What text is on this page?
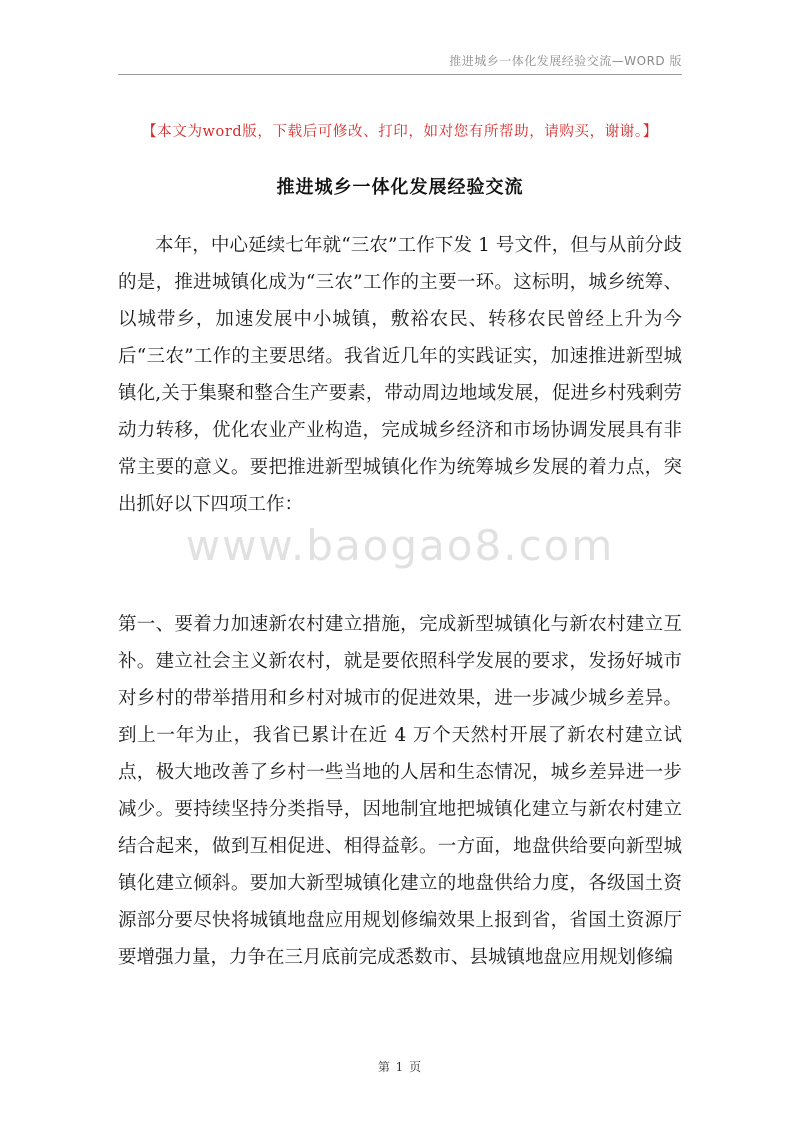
推进城乡一体化发展经验交流—WORD 版
【本文为word版，下载后可修改、打印，如对您有所帮助，请购买，谢谢。】
推进城乡一体化发展经验交流

本年，中心延续七年就“三农”工作下发 1 号文件，但与从前分歧的是，推进城镇化成为“三农”工作的主要一环。这标明，城乡统筹、以城带乡，加速发展中小城镇，敷裕农民、转移农民曾经上升为今后“三农”工作的主要思绪。我省近几年的实践证实，加速推进新型城镇化,关于集聚和整合生产要素，带动周边地域发展，促进乡村残剩劳动力转移，优化农业产业构造，完成城乡经济和市场协调发展具有非常主要的意义。要把推进新型城镇化作为统筹城乡发展的着力点，突出抓好以下四项工作：

www.baogao8.com

第一、要着力加速新农村建立措施，完成新型城镇化与新农村建立互补。建立社会主义新农村，就是要依照科学发展的要求，发扬好城市对乡村的带举措用和乡村对城市的促进效果，进一步减少城乡差异。到上一年为止，我省已累计在近 4 万个天然村开展了新农村建立试点，极大地改善了乡村一些当地的人居和生态情况，城乡差异进一步减少。要持续坚持分类指导，因地制宜地把城镇化建立与新农村建立结合起来，做到互相促进、相得益彰。一方面，地盘供给要向新型城镇化建立倾斜。要加大新型城镇化建立的地盘供给力度，各级国土资源部分要尽快将城镇地盘应用规划修编效果上报到省，省国土资源厅要增强力量，力争在三月底前完成悉数市、县城镇地盘应用规划修编

第 1 页
